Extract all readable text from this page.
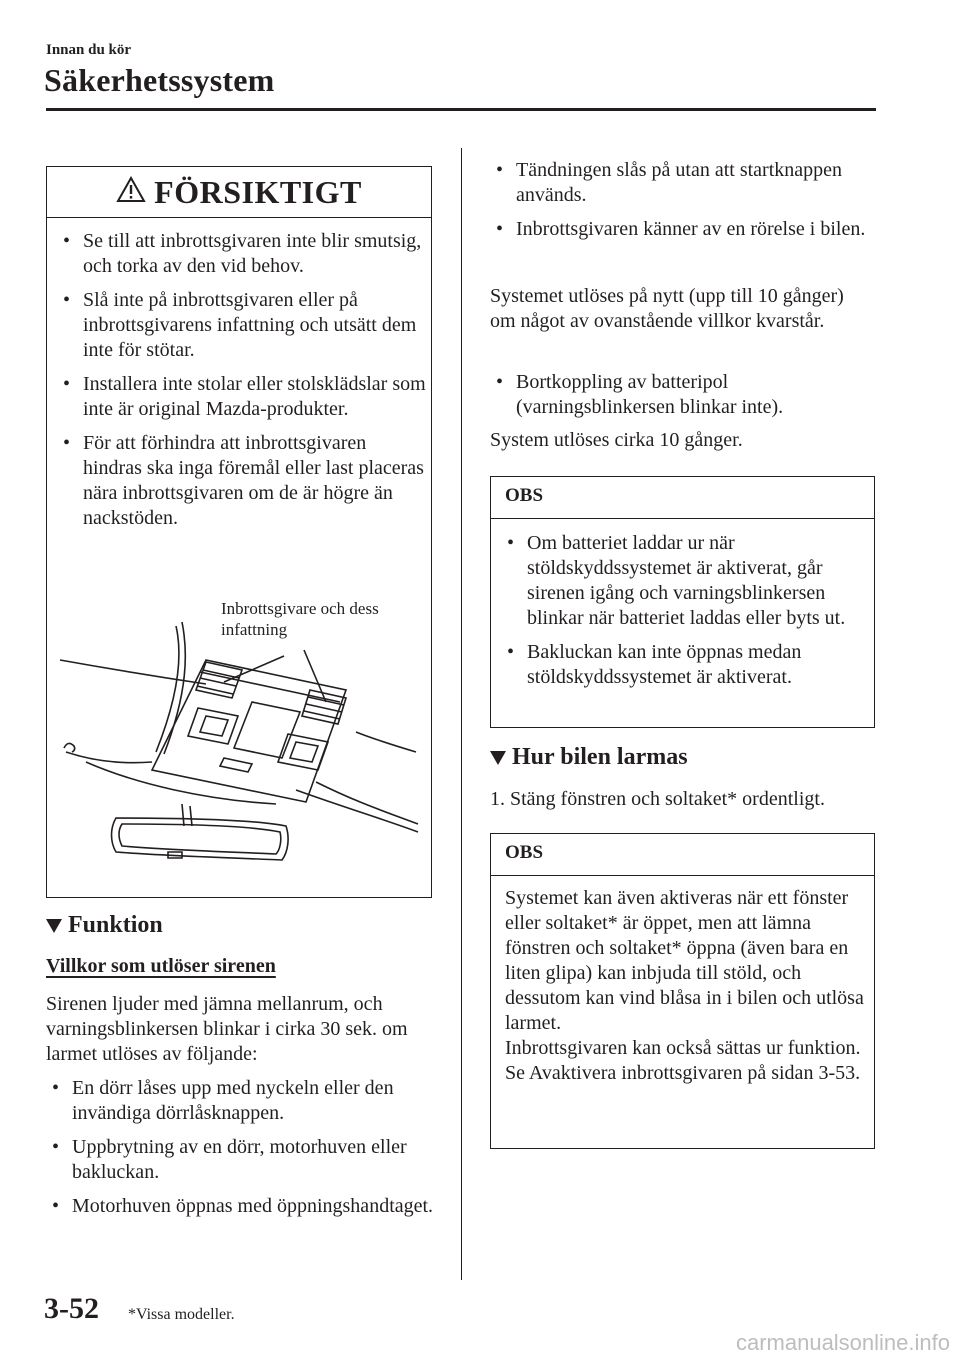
Innan du kör
Säkerhetssystem
FÖRSIKTIGT
• Se till att inbrottsgivaren inte blir smutsig, och torka av den vid behov.
• Slå inte på inbrottsgivaren eller på inbrottsgivarens infattning och utsätt dem inte för stötar.
• Installera inte stolar eller stolsklädslar som inte är original Mazda-produkter.
• För att förhindra att inbrottsgivaren hindras ska inga föremål eller last placeras nära inbrottsgivaren om de är högre än nackstöden.
Inbrottsgivare och dess
infattning
Funktion
Villkor som utlöser sirenen

Sirenen ljuder med jämna mellanrum, och varningsblinkersen blinkar i cirka 30 sek. om larmet utlöses av följande:

• En dörr låses upp med nyckeln eller den invändiga dörrlåsknappen.
• Uppbrytning av en dörr, motorhuven eller bakluckan.
• Motorhuven öppnas med öppningshandtaget.
• Tändningen slås på utan att startknappen används.
• Inbrottsgivaren känner av en rörelse i bilen.

Systemet utlöses på nytt (upp till 10 gånger) om något av ovanstående villkor kvarstår.

• Bortkoppling av batteripol (varningsblinkersen blinkar inte).

System utlöses cirka 10 gånger.

OBS
• Om batteriet laddar ur när stöldskyddssystemet är aktiverat, går sirenen igång och varningsblinkersen blinkar när batteriet laddas eller byts ut.
• Bakluckan kan inte öppnas medan stöldskyddssystemet är aktiverat.
Hur bilen larmas

1. Stäng fönstren och soltaket* ordentligt.

OBS
Systemet kan även aktiveras när ett fönster eller soltaket* är öppet, men att lämna fönstren och soltaket* öppna (även bara en liten glipa) kan inbjuda till stöld, och dessutom kan vind blåsa in i bilen och utlösa larmet.
Inbrottsgivaren kan också sättas ur funktion.
Se Avaktivera inbrottsgivaren på sidan 3-53.
3-52 *Vissa modeller.
carmanualsonline.info
